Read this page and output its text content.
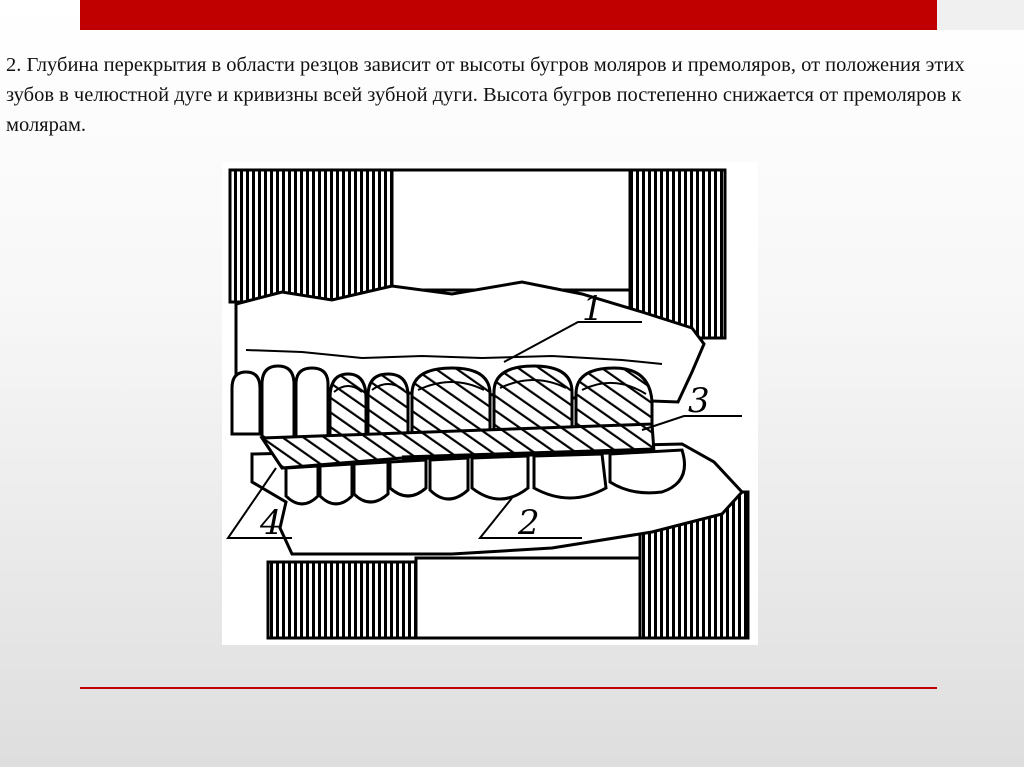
2. Глубина перекрытия в области резцов зависит от высоты бугров моляров и премоляров, от положения этих зубов в челюстной дуге и кривизны всей зубной дуги. Высота бугров постепенно снижается от премоляров к молярам.

1
3
2
4
